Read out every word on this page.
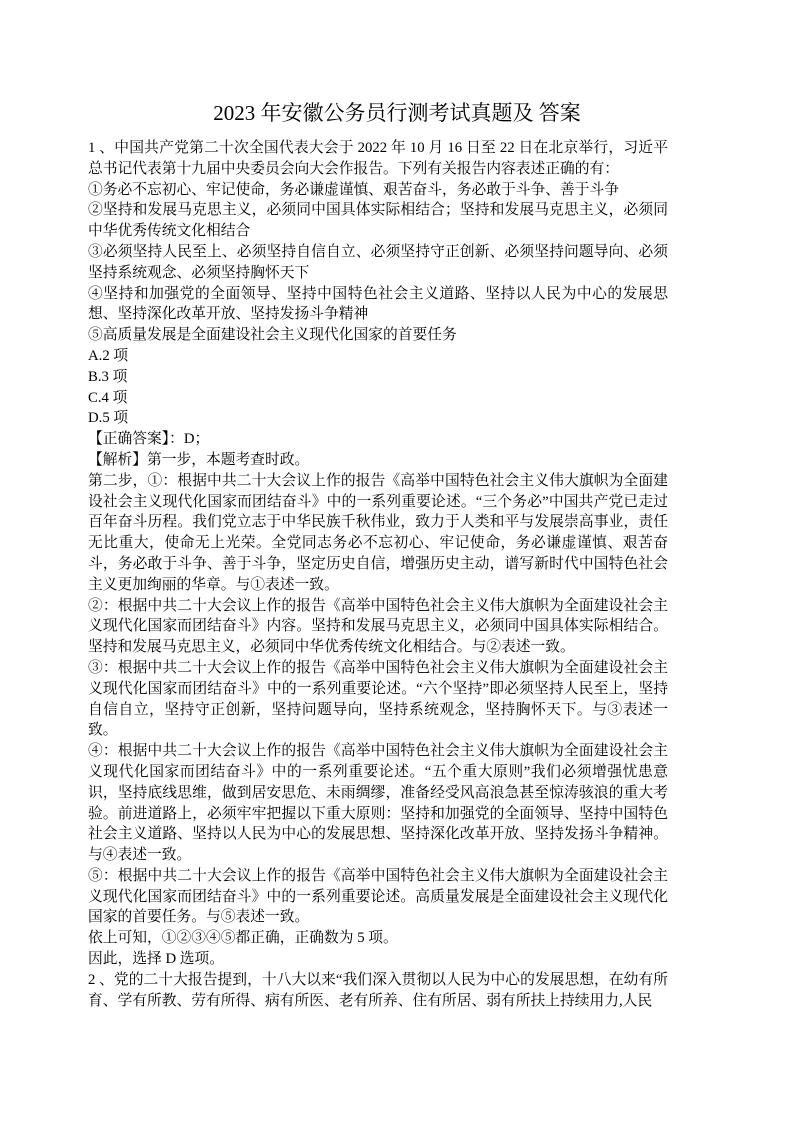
2023 年安徽公务员行测考试真题及 答案

1 、中国共产党第二十次全国代表大会于 2022 年 10 月 16 日至 22 日在北京举行，习近平总书记代表第十九届中央委员会向大会作报告。下列有关报告内容表述正确的有：

①务必不忘初心、牢记使命，务必谦虚谨慎、艰苦奋斗，务必敢于斗争、善于斗争

②坚持和发展马克思主义，必须同中国具体实际相结合；坚持和发展马克思主义，必须同中华优秀传统文化相结合

③必须坚持人民至上、必须坚持自信自立、必须坚持守正创新、必须坚持问题导向、必须坚持系统观念、必须坚持胸怀天下

④坚持和加强党的全面领导、坚持中国特色社会主义道路、坚持以人民为中心的发展思想、坚持深化改革开放、坚持发扬斗争精神

⑤高质量发展是全面建设社会主义现代化国家的首要任务

A.2 项

B.3 项

C.4 项

D.5 项

【正确答案】：D；

【解析】第一步，本题考查时政。

第二步，①：根据中共二十大会议上作的报告《高举中国特色社会主义伟大旗帜为全面建设社会主义现代化国家而团结奋斗》中的一系列重要论述。“三个务必”中国共产党已走过百年奋斗历程。我们党立志于中华民族千秋伟业，致力于人类和平与发展崇高事业，责任无比重大，使命无上光荣。全党同志务必不忘初心、牢记使命，务必谦虚谨慎、艰苦奋斗，务必敢于斗争、善于斗争，坚定历史自信，增强历史主动，谱写新时代中国特色社会主义更加绚丽的华章。与①表述一致。

②：根据中共二十大会议上作的报告《高举中国特色社会主义伟大旗帜为全面建设社会主义现代化国家而团结奋斗》内容。坚持和发展马克思主义，必须同中国具体实际相结合。坚持和发展马克思主义，必须同中华优秀传统文化相结合。与②表述一致。

③：根据中共二十大会议上作的报告《高举中国特色社会主义伟大旗帜为全面建设社会主义现代化国家而团结奋斗》中的一系列重要论述。“六个坚持”即必须坚持人民至上，坚持自信自立，坚持守正创新，坚持问题导向，坚持系统观念，坚持胸怀天下。与③表述一致。

④：根据中共二十大会议上作的报告《高举中国特色社会主义伟大旗帜为全面建设社会主义现代化国家而团结奋斗》中的一系列重要论述。“五个重大原则”我们必须增强忧患意识，坚持底线思维，做到居安思危、未雨绸缪，准备经受风高浪急甚至惊涛骇浪的重大考验。前进道路上，必须牢牢把握以下重大原则：坚持和加强党的全面领导、坚持中国特色社会主义道路、坚持以人民为中心的发展思想、坚持深化改革开放、坚持发扬斗争精神。与④表述一致。

⑤：根据中共二十大会议上作的报告《高举中国特色社会主义伟大旗帜为全面建设社会主义现代化国家而团结奋斗》中的一系列重要论述。高质量发展是全面建设社会主义现代化国家的首要任务。与⑤表述一致。

依上可知，①②③④⑤都正确，正确数为 5 项。

因此，选择 D 选项。

2 、党的二十大报告提到，十八大以来“我们深入贯彻以人民为中心的发展思想，在幼有所育、学有所教、劳有所得、病有所医、老有所养、住有所居、弱有所扶上持续用力,人民
